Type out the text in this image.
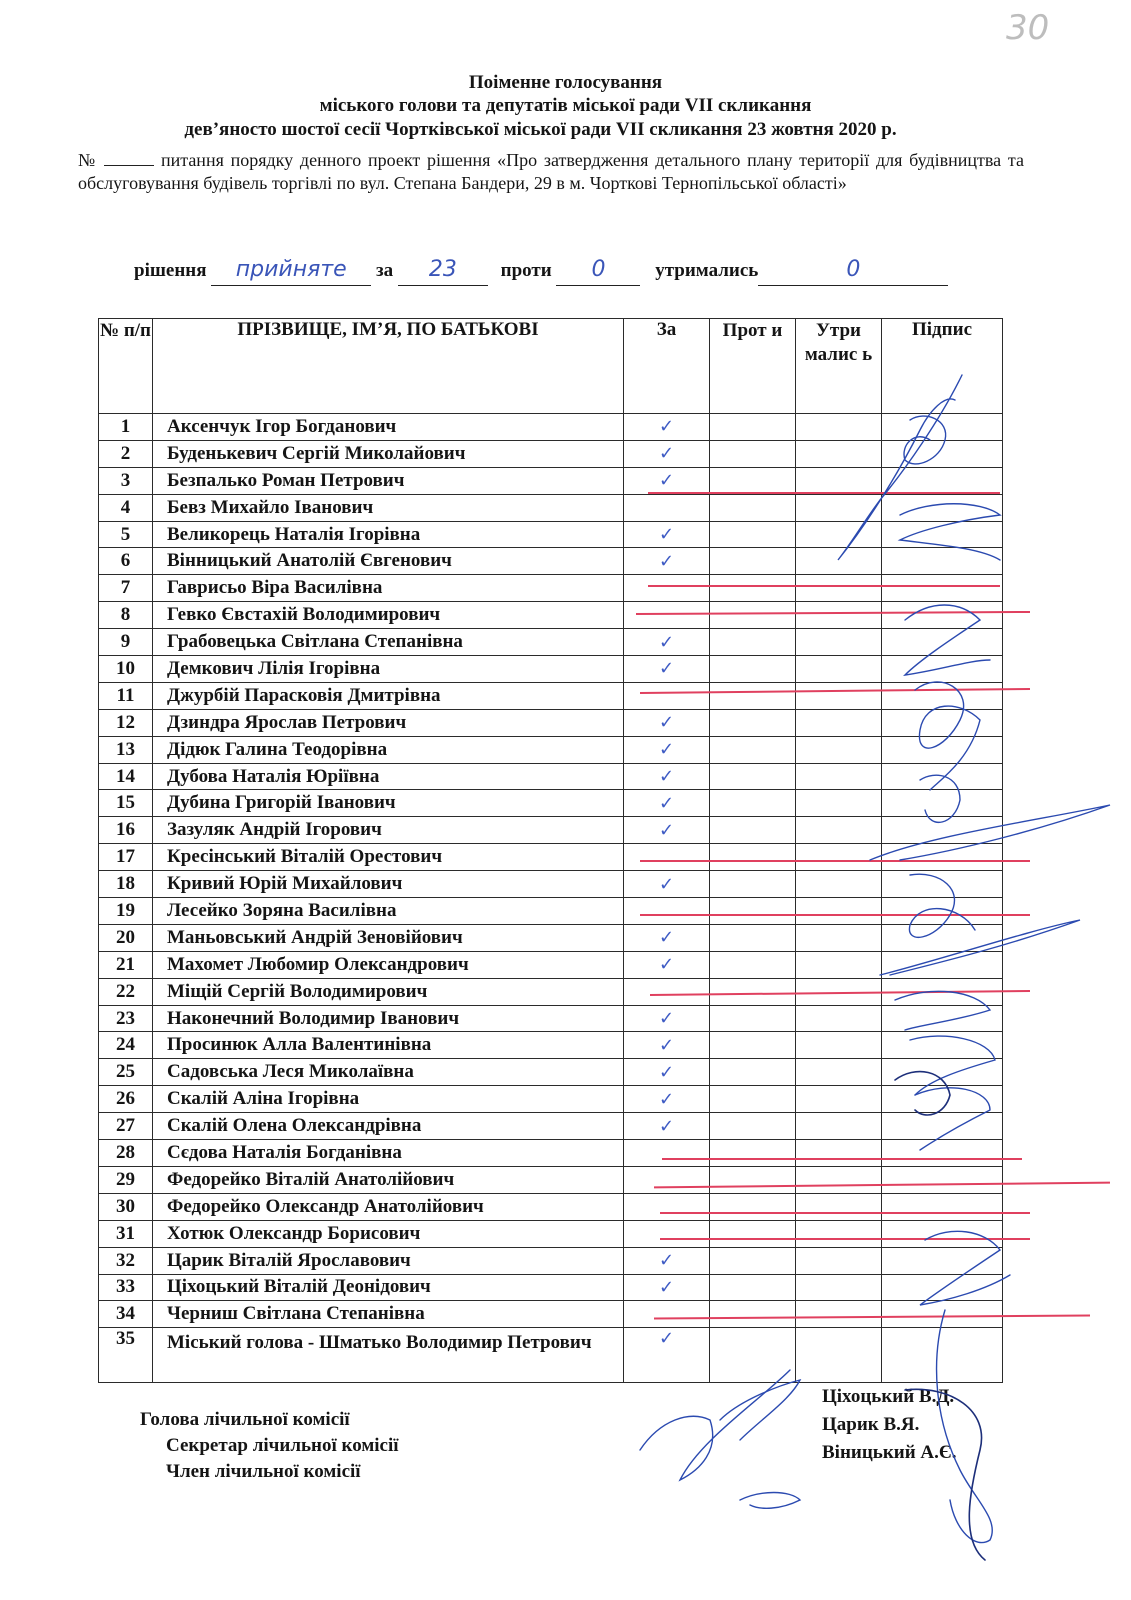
30
Поіменне голосування
міського голови та депутатів міської ради VII скликання
дев’яносто шостої сесії Чортківської міської ради VII скликання 23 жовтня 2020 р.
№	питання порядку денного проект рішення «Про затвердження детального плану території для будівництва та обслуговування будівель торгівлі по вул. Степана Бандери, 29 в м. Чорткові Тернопільської області»
рішення прийняте за 23 проти 0	утримались	0
№ п/п	ПРІЗВИЩЕ, ІМ’Я, ПО БАТЬКОВІ	За	Прот и	Утри малис ь	Підпис
1	Аксенчук Ігор Богданович	✓			
2	Буденькевич Сергій Миколайович	✓			
3	Безпалько Роман Петрович	✓			
4	Бевз Михайло Іванович				
5	Великорець Наталія Ігорівна	✓			
6	Вінницький Анатолій Євгенович	✓			
7	Гаврисьо Віра Василівна				
8	Гевко Євстахій Володимирович				
9	Грабовецька Світлана Степанівна	✓			
10	Демкович Лілія Ігорівна	✓			
11	Джурбій Парасковія Дмитрівна				
12	Дзиндра Ярослав Петрович	✓			
13	Дідюк Галина Теодорівна	✓			
14	Дубова Наталія Юріївна	✓			
15	Дубина Григорій Іванович	✓			
16	Зазуляк Андрій Ігорович	✓			
17	Кресінський Віталій Орестович				
18	Кривий Юрій Михайлович	✓			
19	Лесейко Зоряна Василівна				
20	Маньовський Андрій Зеновійович	✓			
21	Махомет Любомир Олександрович	✓			
22	Міщій Сергій Володимирович				
23	Наконечний Володимир Іванович	✓			
24	Просинюк Алла Валентинівна	✓			
25	Садовська Леся Миколаївна	✓			
26	Скалій Аліна Ігорівна	✓			
27	Скалій Олена Олександрівна	✓			
28	Сєдова Наталія Богданівна				
29	Федорейко Віталій Анатолійович				
30	Федорейко Олександр Анатолійович				
31	Хотюк Олександр Борисович				
32	Царик Віталій Ярославович	✓			
33	Ціхоцький Віталій Деонідович	✓			
34	Черниш Світлана Степанівна				
35	Міський голова - Шматько Володимир Петрович	✓			
Голова лічильної комісії
Секретар лічильної комісії
Член лічильної комісії
Ціхоцький В.Д.
Царик В.Я.
Віницький А.Є.
